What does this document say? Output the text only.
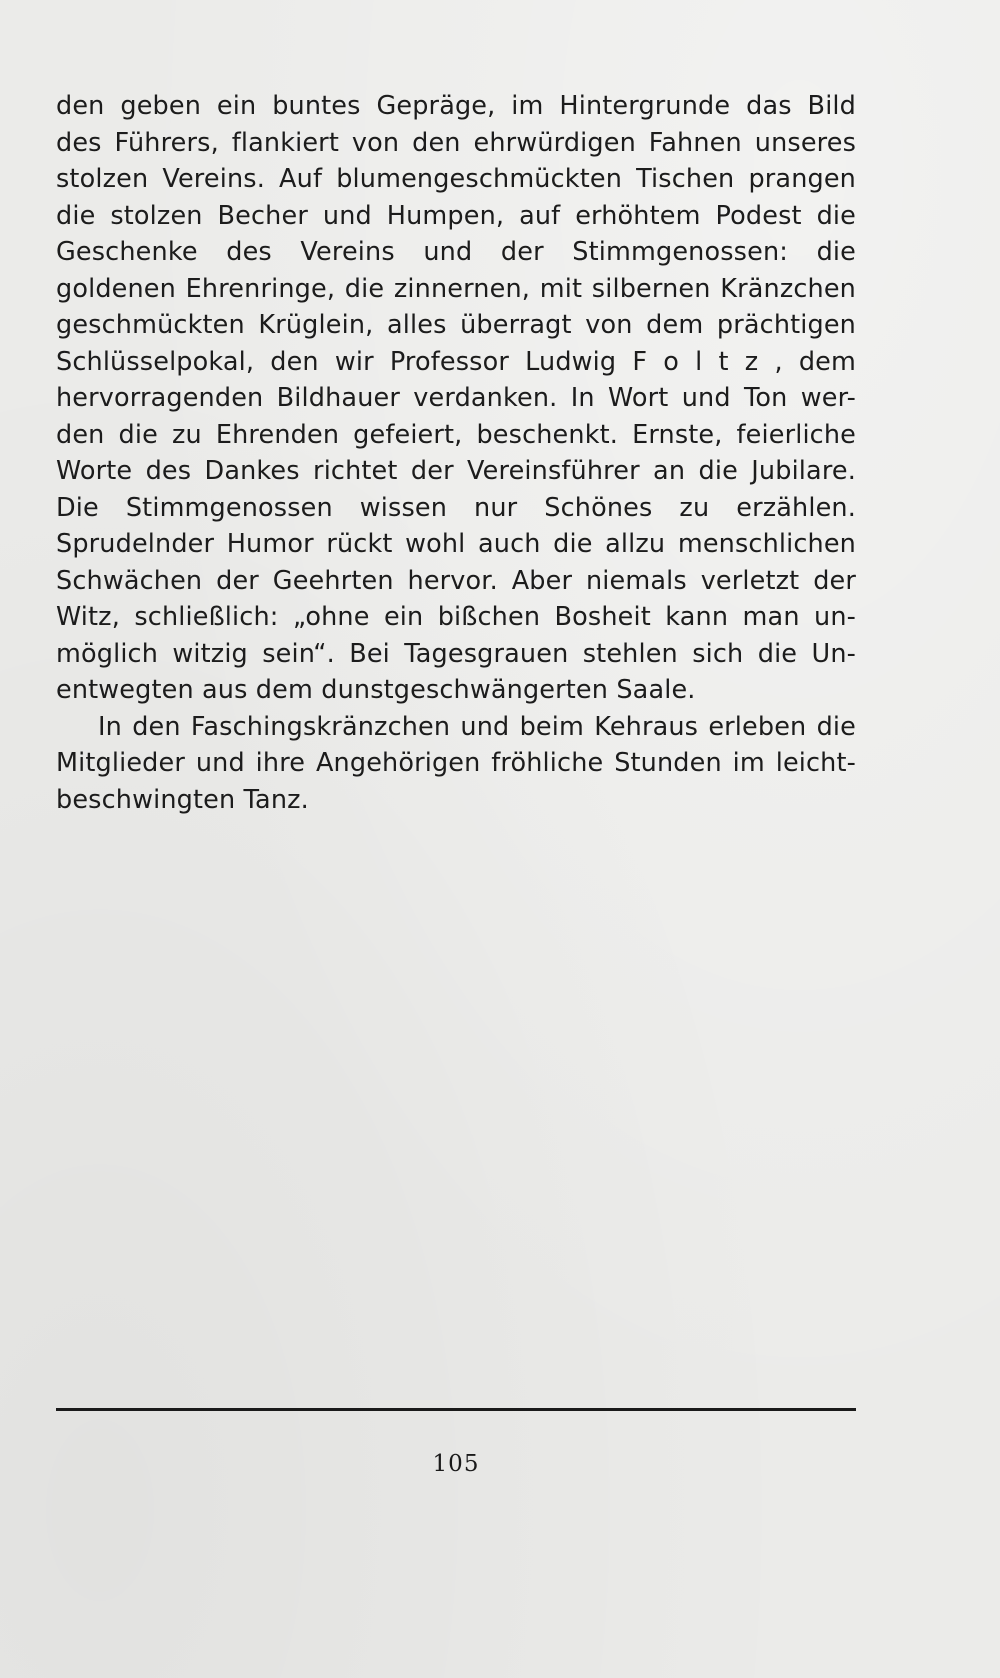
den geben ein buntes Gepräge, im Hintergrunde das Bild
des Führers, flankiert von den ehrwürdigen Fahnen unseres
stolzen Vereins. Auf blumengeschmückten Tischen prangen
die stolzen Becher und Humpen, auf erhöhtem Podest die
Geschenke des Vereins und der Stimmgenossen: die
goldenen Ehrenringe, die zinnernen, mit silbernen Kränzchen
geschmückten Krüglein, alles überragt von dem prächtigen
Schlüsselpokal, den wir Professor Ludwig F o l t z , dem
hervorragenden Bildhauer verdanken. In Wort und Ton wer-
den die zu Ehrenden gefeiert, beschenkt. Ernste, feierliche
Worte des Dankes richtet der Vereinsführer an die Jubilare.
Die Stimmgenossen wissen nur Schönes zu erzählen.
Sprudelnder Humor rückt wohl auch die allzu menschlichen
Schwächen der Geehrten hervor. Aber niemals verletzt der
Witz, schließlich: „ohne ein bißchen Bosheit kann man un-
möglich witzig sein“. Bei Tagesgrauen stehlen sich die Un-
entwegten aus dem dunstgeschwängerten Saale.
In den Faschingskränzchen und beim Kehraus erleben die
Mitglieder und ihre Angehörigen fröhliche Stunden im leicht-
beschwingten Tanz.
105
